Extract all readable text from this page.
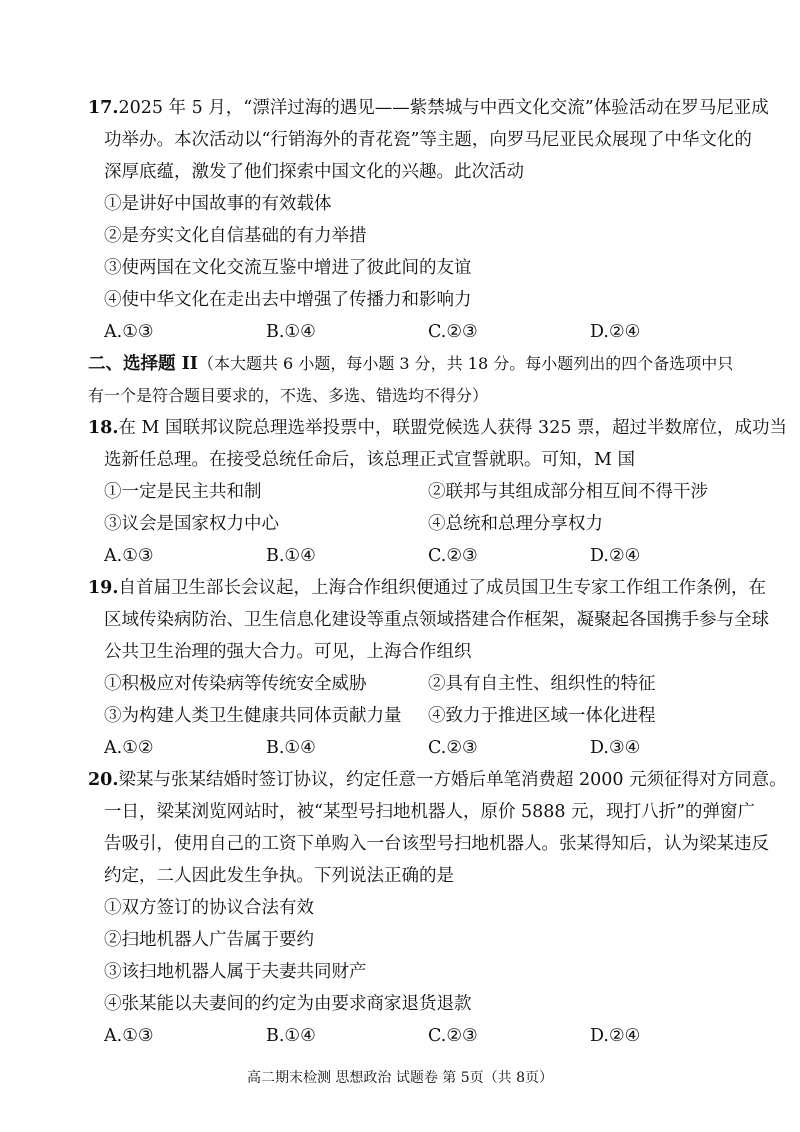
17.2025 年 5 月，“漂洋过海的遇见——紫禁城与中西文化交流”体验活动在罗马尼亚成
功举办。本次活动以“行销海外的青花瓷”等主题，向罗马尼亚民众展现了中华文化的
深厚底蕴，激发了他们探索中国文化的兴趣。此次活动
①是讲好中国故事的有效载体
②是夯实文化自信基础的有力举措
③使两国在文化交流互鉴中增进了彼此间的友谊
④使中华文化在走出去中增强了传播力和影响力
A.①③	B.①④	C.②③	D.②④
二、选择题 II（本大题共 6 小题，每小题 3 分，共 18 分。每小题列出的四个备选项中只
有一个是符合题目要求的，不选、多选、错选均不得分）
18.在 M 国联邦议院总理选举投票中，联盟党候选人获得 325 票，超过半数席位，成功当
选新任总理。在接受总统任命后，该总理正式宣誓就职。可知，M 国
①一定是民主共和制	②联邦与其组成部分相互间不得干涉
③议会是国家权力中心	④总统和总理分享权力
A.①③	B.①④	C.②③	D.②④
19.自首届卫生部长会议起，上海合作组织便通过了成员国卫生专家工作组工作条例，在
区域传染病防治、卫生信息化建设等重点领域搭建合作框架，凝聚起各国携手参与全球
公共卫生治理的强大合力。可见，上海合作组织
①积极应对传染病等传统安全威胁	②具有自主性、组织性的特征
③为构建人类卫生健康共同体贡献力量 ④致力于推进区域一体化进程
A.①②	B.①④	C.②③	D.③④
20.梁某与张某结婚时签订协议，约定任意一方婚后单笔消费超 2000 元须征得对方同意。
一日，梁某浏览网站时，被“某型号扫地机器人，原价 5888 元，现打八折”的弹窗广
告吸引，使用自己的工资下单购入一台该型号扫地机器人。张某得知后，认为梁某违反
约定，二人因此发生争执。下列说法正确的是
①双方签订的协议合法有效
②扫地机器人广告属于要约
③该扫地机器人属于夫妻共同财产
④张某能以夫妻间的约定为由要求商家退货退款
A.①③	B.①④	C.②③	D.②④
高二期末检测 思想政治 试题卷 第 5页（共 8页）
